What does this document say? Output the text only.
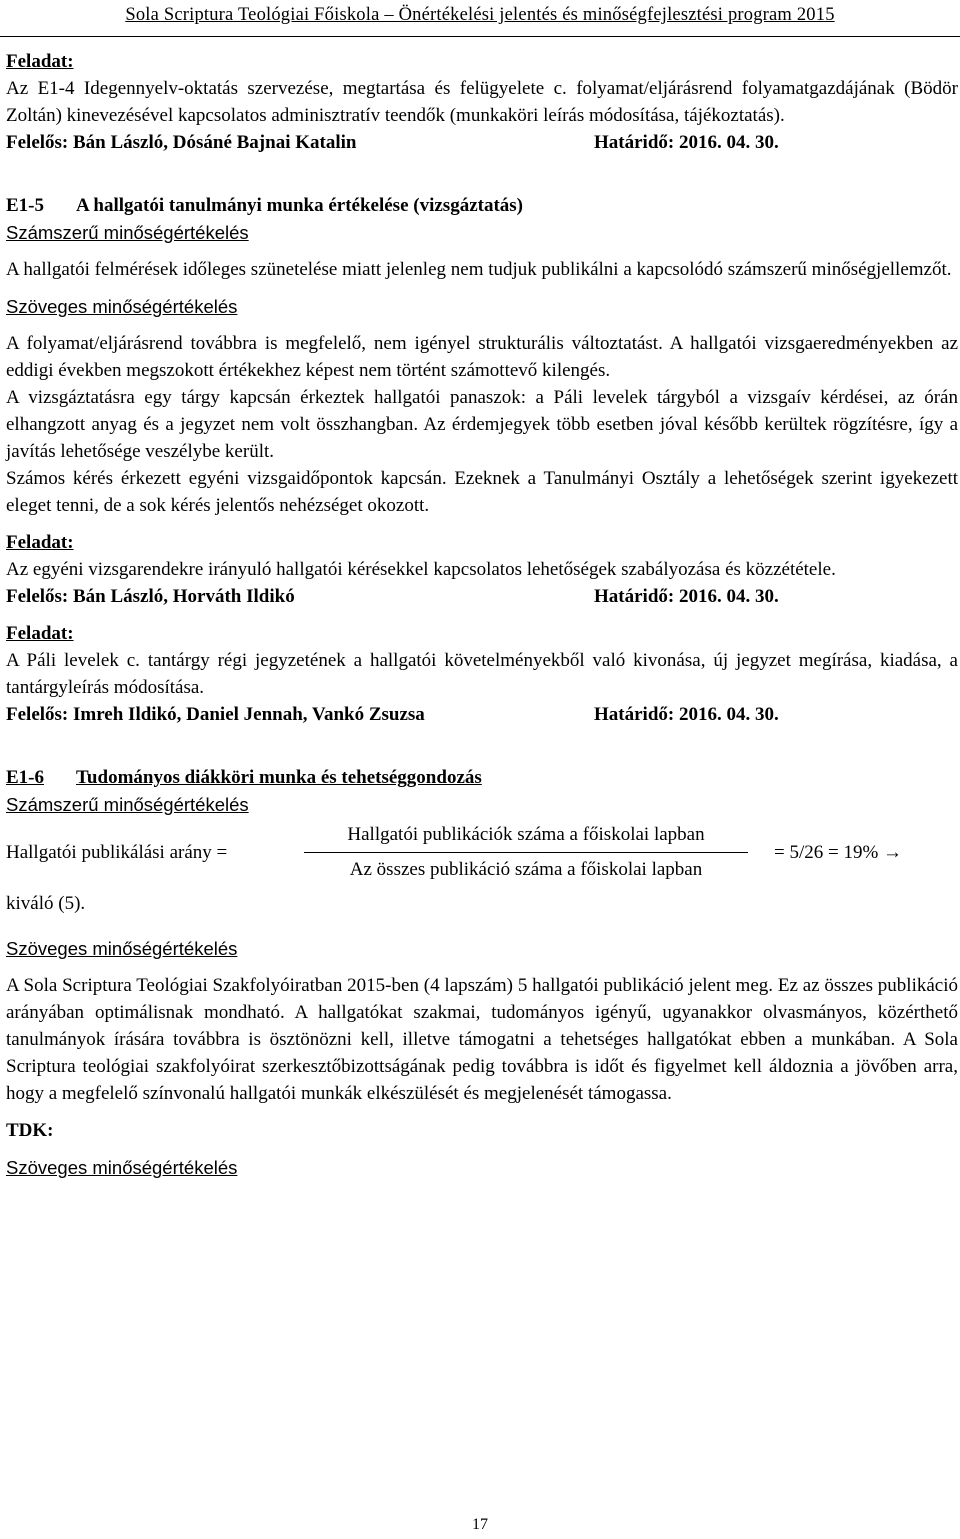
Sola Scriptura Teológiai Főiskola – Önértékelési jelentés és minőségfejlesztési program 2015

Feladat:

Az E1-4 Idegennyelv-oktatás szervezése, megtartása és felügyelete c. folyamat/eljárásrend folyamatgazdájának (Bödör Zoltán) kinevezésével kapcsolatos adminisztratív teendők (munkaköri leírás módosítása, tájékoztatás).

Felelős: Bán László, Dósáné Bajnai Katalin	Határidő: 2016. 04. 30.
E1-5	A hallgatói tanulmányi munka értékelése (vizsgáztatás)

Számszerű minőségértékelés

A hallgatói felmérések időleges szünetelése miatt jelenleg nem tudjuk publikálni a kapcsolódó számszerű minőségjellemzőt.

Szöveges minőségértékelés

A folyamat/eljárásrend továbbra is megfelelő, nem igényel strukturális változtatást. A hallgatói vizsgaeredményekben az eddigi években megszokott értékekhez képest nem történt számottevő kilengés.

A vizsgáztatásra egy tárgy kapcsán érkeztek hallgatói panaszok: a Páli levelek tárgyból a vizsgaív kérdései, az órán elhangzott anyag és a jegyzet nem volt összhangban. Az érdemjegyek több esetben jóval később kerültek rögzítésre, így a javítás lehetősége veszélybe került.

Számos kérés érkezett egyéni vizsgaidőpontok kapcsán. Ezeknek a Tanulmányi Osztály a lehetőségek szerint igyekezett eleget tenni, de a sok kérés jelentős nehézséget okozott.

Feladat:

Az egyéni vizsgarendekre irányuló hallgatói kérésekkel kapcsolatos lehetőségek szabályozása és közzététele.

Felelős: Bán László, Horváth Ildikó	Határidő: 2016. 04. 30.

Feladat:

A Páli levelek c. tantárgy régi jegyzetének a hallgatói követelményekből való kivonása, új jegyzet megírása, kiadása, a tantárgyleírás módosítása.

Felelős: Imreh Ildikó, Daniel Jennah, Vankó Zsuzsa	Határidő: 2016. 04. 30.
E1-6	Tudományos diákköri munka és tehetséggondozás

Számszerű minőségértékelés

Hallgatói publikálási arány =
Hallgatói publikációk száma a főiskolai lapban
Az összes publikáció száma a főiskolai lapban
= 5/26 = 19% →

kiváló (5).

Szöveges minőségértékelés

A Sola Scriptura Teológiai Szakfolyóiratban 2015-ben (4 lapszám) 5 hallgatói publikáció jelent meg. Ez az összes publikáció arányában optimálisnak mondható. A hallgatókat szakmai, tudományos igényű, ugyanakkor olvasmányos, közérthető tanulmányok írására továbbra is ösztönözni kell, illetve támogatni a tehetséges hallgatókat ebben a munkában. A Sola Scriptura teológiai szakfolyóirat szerkesztőbizottságának pedig továbbra is időt és figyelmet kell áldoznia a jövőben arra, hogy a megfelelő színvonalú hallgatói munkák elkészülését és megjelenését támogassa.

TDK:

Szöveges minőségértékelés

17
